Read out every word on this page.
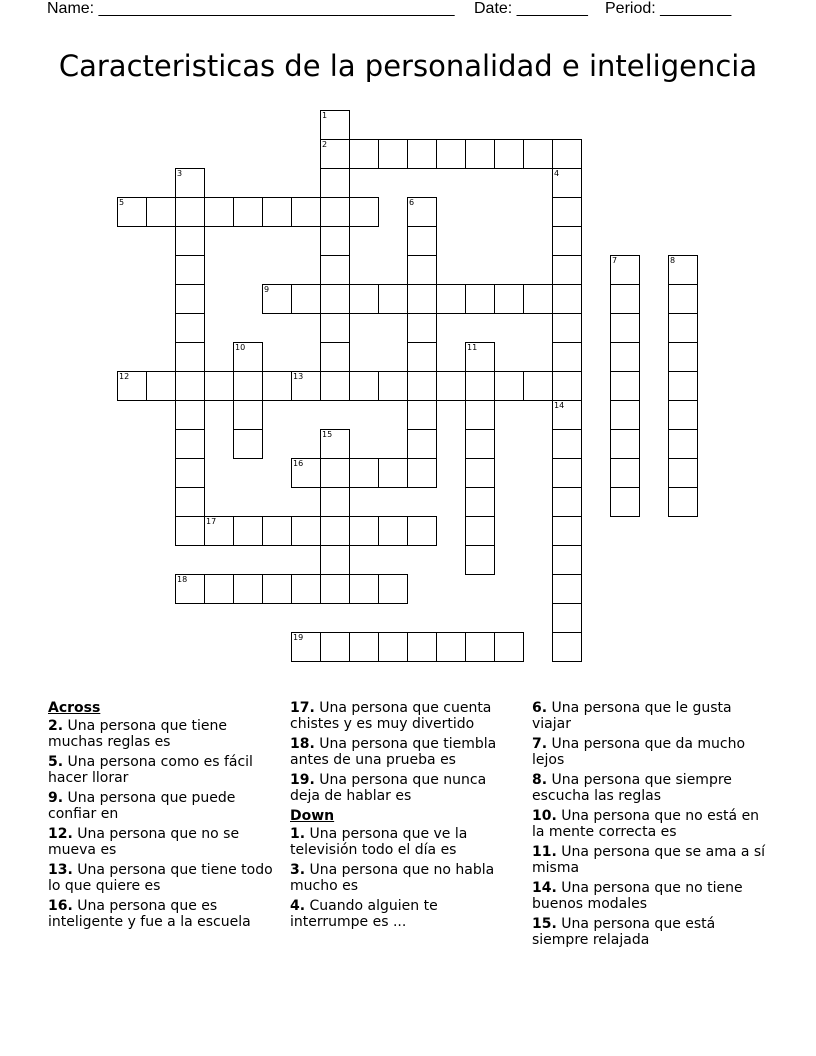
Name: ________________________________________ Date: ________ Period: ________
Caracteristicas de la personalidad e inteligencia
1
2
3	4
5	6
7	8
9
10	11
12	13
14
15
16
17
18
19
Across
2. Una persona que tiene muchas reglas es
5. Una persona como es fácil hacer llorar
9. Una persona que puede confiar en
12. Una persona que no se mueva es
13. Una persona que tiene todo lo que quiere es
16. Una persona que es inteligente y fue a la escuela
17. Una persona que cuenta chistes y es muy divertido
18. Una persona que tiembla antes de una prueba es
19. Una persona que nunca deja de hablar es
Down
1. Una persona que ve la televisión todo el día es
3. Una persona que no habla mucho es
4. Cuando alguien te interrumpe es ...
6. Una persona que le gusta viajar
7. Una persona que da mucho lejos
8. Una persona que siempre escucha las reglas
10. Una persona que no está en la mente correcta es
11. Una persona que se ama a sí misma
14. Una persona que no tiene buenos modales
15. Una persona que está siempre relajada
